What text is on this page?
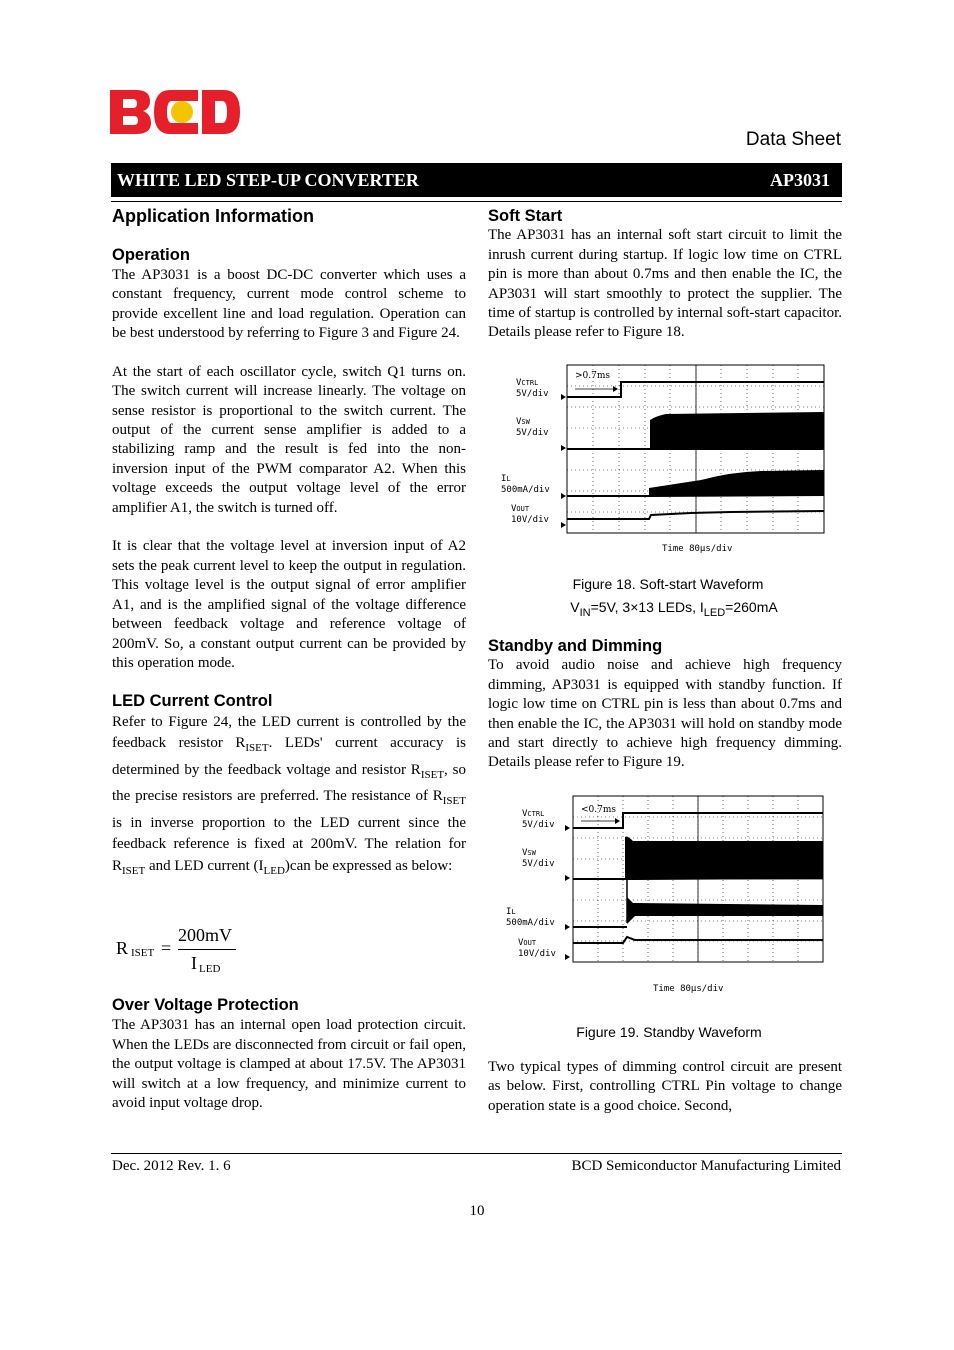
Data Sheet
WHITE LED STEP-UP CONVERTER	AP3031
Application Information
Operation

The AP3031 is a boost DC-DC converter which uses a constant frequency, current mode control scheme to provide excellent line and load regulation. Operation can be best understood by referring to Figure 3 and Figure 24.

At the start of each oscillator cycle, switch Q1 turns on. The switch current will increase linearly. The voltage on sense resistor is proportional to the switch current. The output of the current sense amplifier is added to a stabilizing ramp and the result is fed into the non-inversion input of the PWM comparator A2. When this voltage exceeds the output voltage level of the error amplifier A1, the switch is turned off.

It is clear that the voltage level at inversion input of A2 sets the peak current level to keep the output in regulation. This voltage level is the output signal of error amplifier A1, and is the amplified signal of the voltage difference between feedback voltage and reference voltage of 200mV. So, a constant output current can be provided by this operation mode.

LED Current Control

Refer to Figure 24, the LED current is controlled by the feedback resistor $R_{ISET}$. LEDs' current accuracy is determined by the feedback voltage and resistor $R_{ISET}$, so the precise resistors are preferred. The resistance of $R_{ISET}$ is in inverse proportion to the LED current since the feedback reference is fixed at 200mV. The relation for $R_{ISET}$ and LED current $(I_{LED})can$ be expressed as below:

R ISET =
200mV
I LED
Over Voltage Protection

The AP3031 has an internal open load protection circuit. When the LEDs are disconnected from circuit or fail open, the output voltage is clamped at about 17.5V. The AP3031 will switch at a low frequency, and minimize current to avoid input voltage drop.

Soft Start

The AP3031 has an internal soft start circuit to limit the inrush current during startup. If logic low time on CTRL pin is more than about 0.7ms and then enable the IC, the AP3031 will start smoothly to protect the supplier. The time of startup is controlled by internal soft-start capacitor. Details please refer to Figure 18.

VCTRL
5V/div
VSW
5V/div
IL
500mA/div
VOUT
10V/div
>0.7ms
Time 80µs/div
Figure 18. Soft-start Waveform
$V_{IN}=5V$, 3×13 LEDs, $I_{LED}=260mA$
Standby and Dimming

To avoid audio noise and achieve high frequency dimming, AP3031 is equipped with standby function. If logic low time on CTRL pin is less than about 0.7ms and then enable the IC, the AP3031 will hold on standby mode and start directly to achieve high frequency dimming. Details please refer to Figure 19.

VCTRL
5V/div
VSW
5V/div
IL
500mA/div
VOUT
10V/div
<0.7ms
Time 80µs/div
Figure 19. Standby Waveform

Two typical types of dimming control circuit are present as below. First, controlling CTRL Pin voltage to change operation state is a good choice. Second,

Dec. 2012 Rev. 1. 6	BCD Semiconductor Manufacturing Limited
10
